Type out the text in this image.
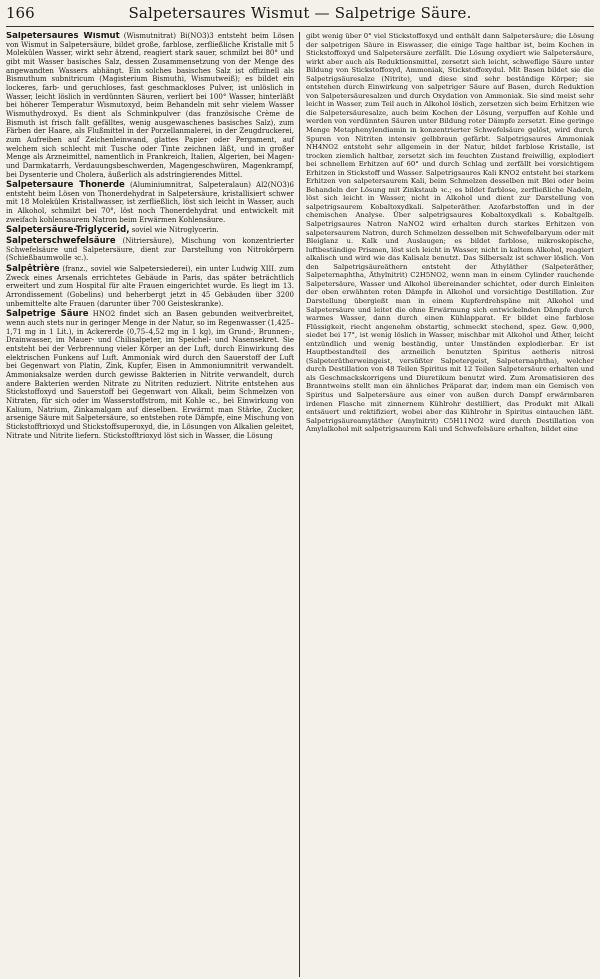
166	Salpetersaures Wismut — Salpetrige Säure.

Salpetersaures Wismut (Wismutnitrat) Bi(NO3)3 entsteht beim Lösen von Wismut in Salpetersäure, bildet große, farblose, zerfließliche Kristalle mit 5 Molekülen Wasser, wirkt sehr ätzend, reagiert stark sauer, schmilzt bei 80° und gibt mit Wasser basisches Salz, dessen Zusammensetzung von der Menge des angewandten Wassers abhängt. Ein solches basisches Salz ist offizinell als Bismuthum subnitricum (Magisterium Bismuthi, Wismutweiß); es bildet ein lockeres, farb- und geruchloses, fast geschmackloses Pulver, ist unlöslich in Wasser, leicht löslich in verdünnten Säuren, verliert bei 100° Wasser, hinterläßt bei höherer Temperatur Wismutoxyd, beim Behandeln mit sehr vielem Wasser Wismuthydroxyd. Es dient als Schminkpulver (das französische Crème de Bismuth ist frisch fallt gefälltes, wenig ausgewaschenes basisches Salz), zum Färben der Haare, als Flußmittel in der Porzellanmalerei, in der Zeugdruckerei, zum Aufreiben auf Zeichenleinwand, glattes Papier oder Pergament, auf welchem sich schlecht mit Tusche oder Tinte zeichnen läßt, und in großer Menge als Arzneimittel, namentlich in Frankreich, Italien, Algerien, bei Magen- und Darmkatarrh, Verdauungsbeschwerden, Magengeschwüren, Magenkrampf, bei Dysenterie und Cholera, äußerlich als adstringierendes Mittel.

Salpetersaure Thonerde (Aluminiumnitrat, Salpeteralaun) Al2(NO3)6 entsteht beim Lösen von Thonerdehydrat in Salpetersäure, kristallisiert schwer mit 18 Molekülen Kristallwasser, ist zerfließlich, löst sich leicht in Wasser, auch in Alkohol, schmilzt bei 70°, löst noch Thonerdehydrat und entwickelt mit zweifach kohlensaurem Natron beim Erwärmen Kohlensäure.

Salpetersäure-Triglycerid, soviel wie Nitroglycerin.

Salpeterschwefelsäure (Nitriersäure), Mischung von konzentrierter Schwefelsäure und Salpetersäure, dient zur Darstellung von Nitrokörpern (Schießbaumwolle ꝛc.).

Salpêtrière (franz., soviel wie Salpetersiederei), ein unter Ludwig XIII. zum Zweck eines Arsenals errichtetes Gebäude in Paris, das später beträchtlich erweitert und zum Hospital für alte Frauen eingerichtet wurde. Es liegt im 13. Arrondissement (Gobelins) und beherbergt jetzt in 45 Gebäuden über 3200 unbemittelte alte Frauen (darunter über 700 Geisteskranke).

Salpetrige Säure HNO2 findet sich an Basen gebunden weitverbreitet, wenn auch stets nur in geringer Menge in der Natur, so im Regenwasser (1,425–1,71 mg in 1 Lit.), in Ackererde (0,75–4,52 mg in 1 kg), im Grund-, Brunnen-, Drainwasser, im Mauer- und Chilisalpeter, im Speichel- und Nasensekret. Sie entsteht bei der Verbrennung vieler Körper an der Luft, durch Einwirkung des elektrischen Funkens auf Luft. Ammoniak wird durch den Sauerstoff der Luft bei Gegenwart von Platin, Zink, Kupfer, Eisen in Ammoniumnitrit verwandelt. Ammoniaksalze werden durch gewisse Bakterien in Nitrite verwandelt, durch andere Bakterien werden Nitrate zu Nitriten reduziert. Nitrite entstehen aus Stickstoffoxyd und Sauerstoff bei Gegenwart von Alkali, beim Schmelzen von Nitraten, für sich oder im Wasserstoffstrom, mit Kohle ꝛc., bei Einwirkung von Kalium, Natrium, Zinkamalgam auf dieselben. Erwärmt man Stärke, Zucker, arsenige Säure mit Salpetersäure, so entstehen rote Dämpfe, eine Mischung von Stickstofftrioxyd und Stickstoffsuperoxyd, die, in Lösungen von Alkalien geleitet, Nitrate und Nitrite liefern. Stickstofftrioxyd löst sich in Wasser, die Lösung

gibt wenig über 0° viel Stickstoffoxyd und enthält dann Salpetersäure; die Lösung der salpetrigen Säure in Eiswasser, die einige Tage haltbar ist, beim Kochen in Stickstoffoxyd und Salpetersäure zerfällt. Die Lösung oxydiert wie Salpetersäure, wirkt aber auch als Reduktionsmittel, zersetzt sich leicht, schweflige Säure unter Bildung von Stickstoffoxyd, Ammoniak, Stickstoffoxydul. Mit Basen bildet sie die Salpetrigsäuresalze (Nitrite), und diese sind sehr beständige Körper; sie entstehen durch Einwirkung von salpetriger Säure auf Basen, durch Reduktion von Salpetersäuresalzen und durch Oxydation von Ammoniak. Sie sind meist sehr leicht in Wasser, zum Teil auch in Alkohol löslich, zersetzen sich beim Erhitzen wie die Salpetersäuresalze, auch beim Kochen der Lösung, verpuffen auf Kohle und werden von verdünnten Säuren unter Bildung roter Dämpfe zersetzt. Eine geringe Menge Metaphenylendiamin in konzentrierter Schwefelsäure gelöst, wird durch Spuren von Nitriten intensiv gelbbraun gefärbt. Salpetrigsaures Ammoniak NH4NO2 entsteht sehr allgemein in der Natur, bildet farblose Kristalle, ist trocken ziemlich haltbar, zersetzt sich im feuchten Zustand freiwillig, explodiert bei schnellem Erhitzen auf 60° und durch Schlag und zerfällt bei vorsichtigem Erhitzen in Stickstoff und Wasser. Salpetrigsaures Kali KNO2 entsteht bei starkem Erhitzen von salpetersaurem Kali, beim Schmelzen desselben mit Blei oder beim Behandeln der Lösung mit Zinkstaub ꝛc.; es bildet farblose, zerfließliche Nadeln, löst sich leicht in Wasser, nicht in Alkohol und dient zur Darstellung von salpetrigsaurem Kobaltoxydkali. Salpeteräther. Azofarbstoffen und in der chemischen Analyse. Über salpetrigsaures Kobaltoxydkali s. Kobaltgelb. Salpetrigsaures Natron NaNO2 wird erhalten durch starkes Erhitzen von salpetersaurem Natron, durch Schmelzen desselben mit Schwefelbaryum oder mit Bleiglanz u. Kalk und Auslaugen; es bildet farblose, mikroskopische, luftbeständige Prismen, löst sich leicht in Wasser, nicht in kaltem Alkohol, reagiert alkalisch und wird wie das Kalisalz benutzt. Das Silbersalz ist schwer löslich. Von den Salpetrigsäureäthern entsteht der Äthyläther (Salpeteräther, Salpeternaphtha, Äthylnitrit) C2H5NO2, wenn man in einem Cylinder rauchende Salpetersäure, Wasser und Alkohol übereinander schichtet, oder durch Einleiten der oben erwähnten roten Dämpfe in Alkohol und vorsichtige Destillation. Zur Darstellung übergießt man in einem Kupferdrehspäne mit Alkohol und Salpetersäure und leitet die ohne Erwärmung sich entwickelnden Dämpfe durch warmes Wasser, dann durch einen Kühlapparat. Er bildet eine farblose Flüssigkeit, riecht angenehm obstartig, schmeckt stechend, spez. Gew. 0,900, siedet bei 17°, ist wenig löslich in Wasser, mischbar mit Alkohol und Äther, leicht entzündlich und wenig beständig, unter Umständen explodierbar. Er ist Hauptbestandteil des arzneilich benutzten Spiritus aetheris nitrosi (Salpeterätherweingeist, versüßter Salpetergeist, Salpeternaphtha), welcher durch Destillation von 48 Teilen Spiritus mit 12 Teilen Salpetersäure erhalten und als Geschmackskorrigens und Diuretikum benutzt wird. Zum Aromatisieren des Branntweins stellt man ein ähnliches Präparat dar, indem man ein Gemisch von Spiritus und Salpetersäure aus einer von außen durch Dampf erwärmbaren irdenen Flasche mit zinnernem Kühlrohr destilliert, das Produkt mit Alkali entsäuert und rektifiziert, wobei aber das Kühlrohr in Spiritus eintauchen läßt. Salpetrigsäureamyläther (Amylnitrit) C5H11NO2 wird durch Destillation von Amylalkohol mit salpetrigsaurem Kali und Schwefelsäure erhalten, bildet eine
